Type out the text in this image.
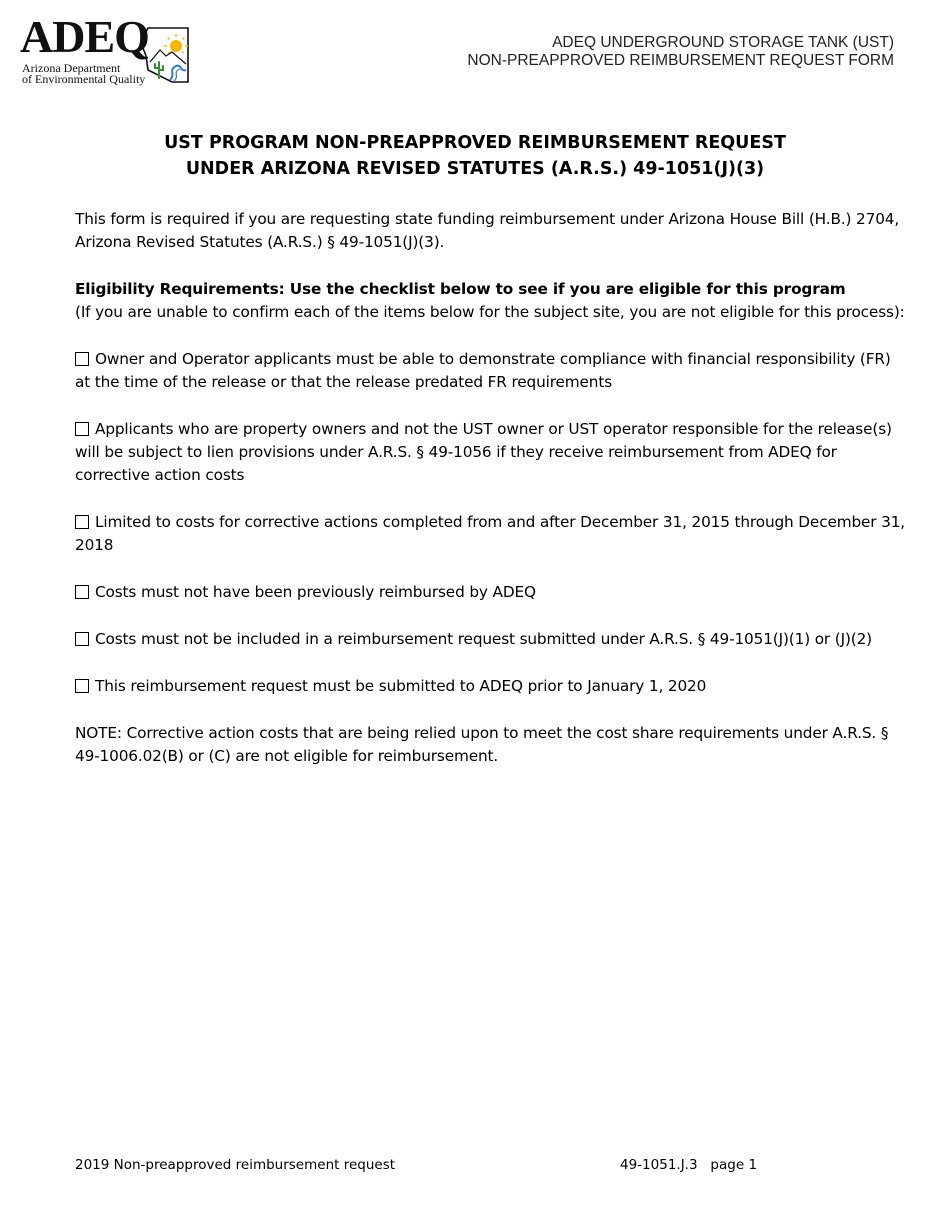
ADEQ
Arizona Department
of Environmental Quality
ADEQ UNDERGROUND STORAGE TANK (UST)
NON-PREAPPROVED REIMBURSEMENT REQUEST FORM
UST PROGRAM NON-PREAPPROVED REIMBURSEMENT REQUEST
UNDER ARIZONA REVISED STATUTES (A.R.S.) 49-1051(J)(3)

This form is required if you are requesting state funding reimbursement under Arizona House Bill (H.B.) 2704, Arizona Revised Statutes (A.R.S.) § 49-1051(J)(3).

Eligibility Requirements: Use the checklist below to see if you are eligible for this program
(If you are unable to confirm each of the items below for the subject site, you are not eligible for this process):

Owner and Operator applicants must be able to demonstrate compliance with financial responsibility (FR) at the time of the release or that the release predated FR requirements

Applicants who are property owners and not the UST owner or UST operator responsible for the release(s) will be subject to lien provisions under A.R.S. § 49-1056 if they receive reimbursement from ADEQ for corrective action costs

Limited to costs for corrective actions completed from and after December 31, 2015 through December 31, 2018

Costs must not have been previously reimbursed by ADEQ

Costs must not be included in a reimbursement request submitted under A.R.S. § 49-1051(J)(1) or (J)(2)

This reimbursement request must be submitted to ADEQ prior to January 1, 2020

NOTE: Corrective action costs that are being relied upon to meet the cost share requirements under A.R.S. § 49-1006.02(B) or (C) are not eligible for reimbursement.

2019 Non-preapproved reimbursement request	49-1051.J.3   page 1
